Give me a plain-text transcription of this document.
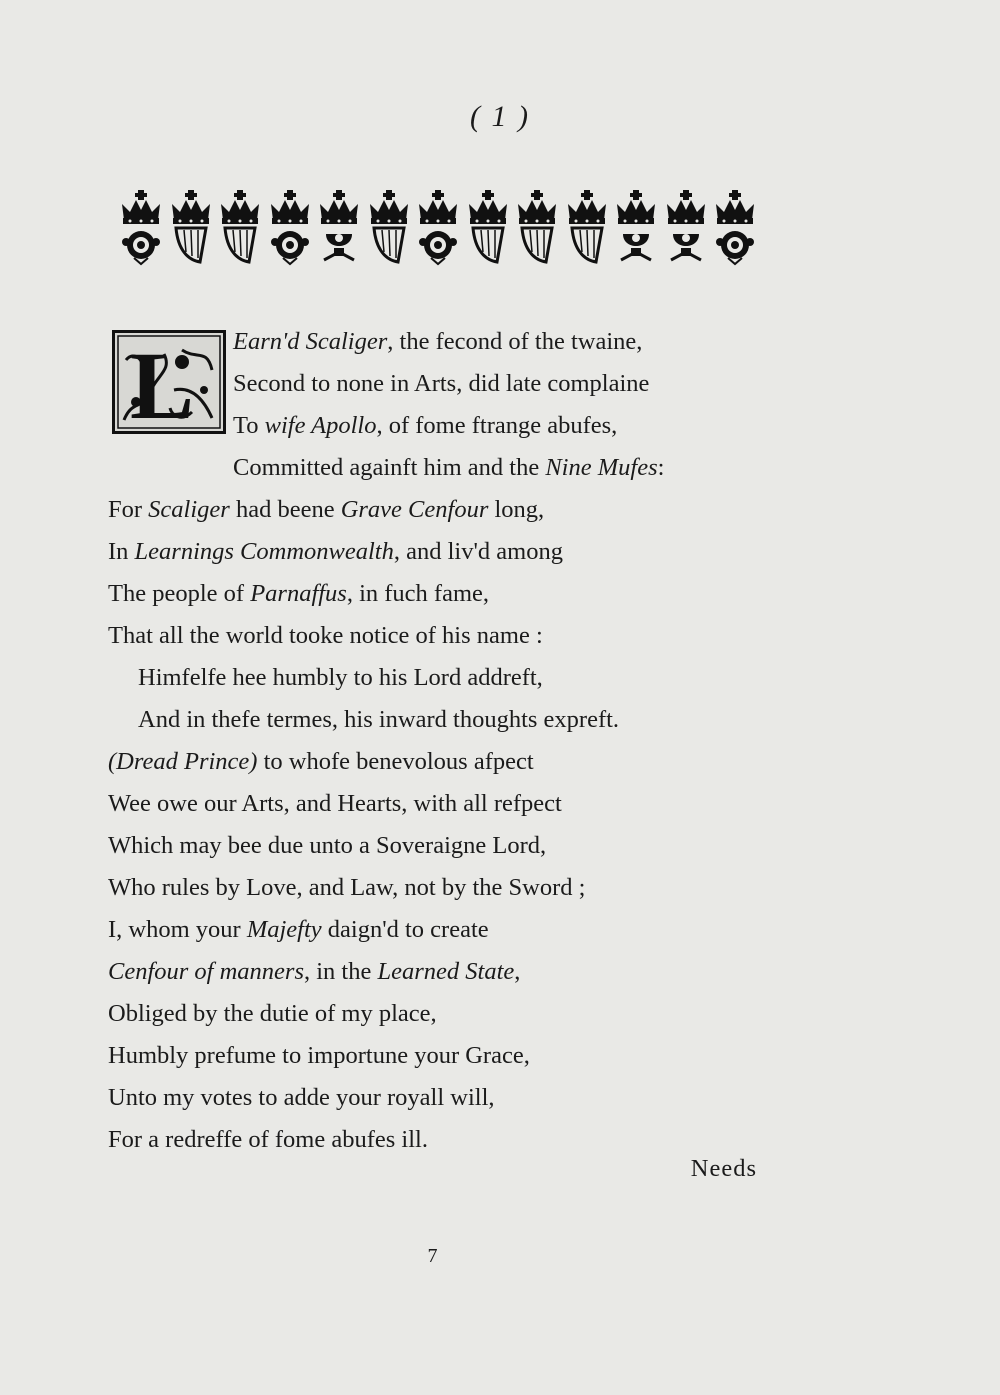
( 1 )
L	Earn'd Scaliger, the fecond of the twaine,
Second to none in Arts, did late complaine
To wife Apollo, of fome ftrange abufes,
Committed againft him and the Nine Mufes:
For Scaliger had beene Grave Cenfour long,
In Learnings Commonwealth, and liv'd among
The people of Parnaffus, in fuch fame,
That all the world tooke notice of his name :
Himfelfe hee humbly to his Lord addreft,
And in thefe termes, his inward thoughts expreft.
(Dread Prince) to whofe benevolous afpect
Wee owe our Arts, and Hearts, with all refpect
Which may bee due unto a Soveraigne Lord,
Who rules by Love, and Law, not by the Sword ;
I, whom your Majefty daign'd to create
Cenfour of manners, in the Learned State,
Obliged by the dutie of my place,
Humbly prefume to importune your Grace,
Unto my votes to adde your royall will,
For a redreffe of fome abufes ill.
Needs
7
